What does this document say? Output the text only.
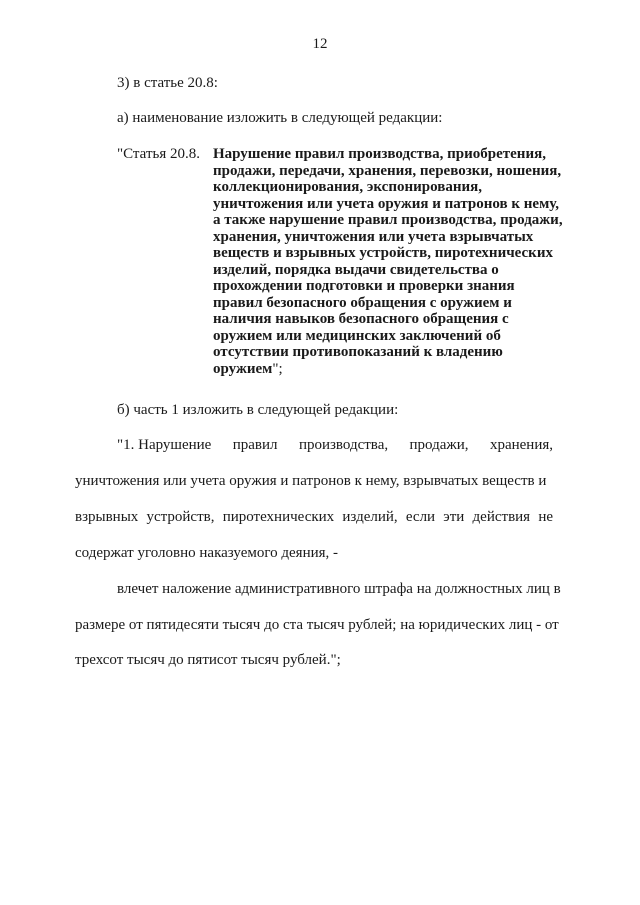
12
3) в статье 20.8:
а) наименование изложить в следующей редакции:
"Статья 20.8. Нарушение правил производства, приобретения, продажи, передачи, хранения, перевозки, ношения, коллекционирования, экспонирования, уничтожения или учета оружия и патронов к нему, а также нарушение правил производства, продажи, хранения, уничтожения или учета взрывчатых веществ и взрывных устройств, пиротехнических изделий, порядка выдачи свидетельства о прохождении подготовки и проверки знания правил безопасного обращения с оружием и наличия навыков безопасного обращения с оружием или медицинских заключений об отсутствии противопоказаний к владению оружием";
б) часть 1 изложить в следующей редакции:
"1. Нарушение правил производства, продажи, хранения,
уничтожения или учета оружия и патронов к нему, взрывчатых веществ и
взрывных устройств, пиротехнических изделий, если эти действия не
содержат уголовно наказуемого деяния, -
влечет наложение административного штрафа на должностных лиц в
размере от пятидесяти тысяч до ста тысяч рублей; на юридических лиц - от
трехсот тысяч до пятисот тысяч рублей.";
